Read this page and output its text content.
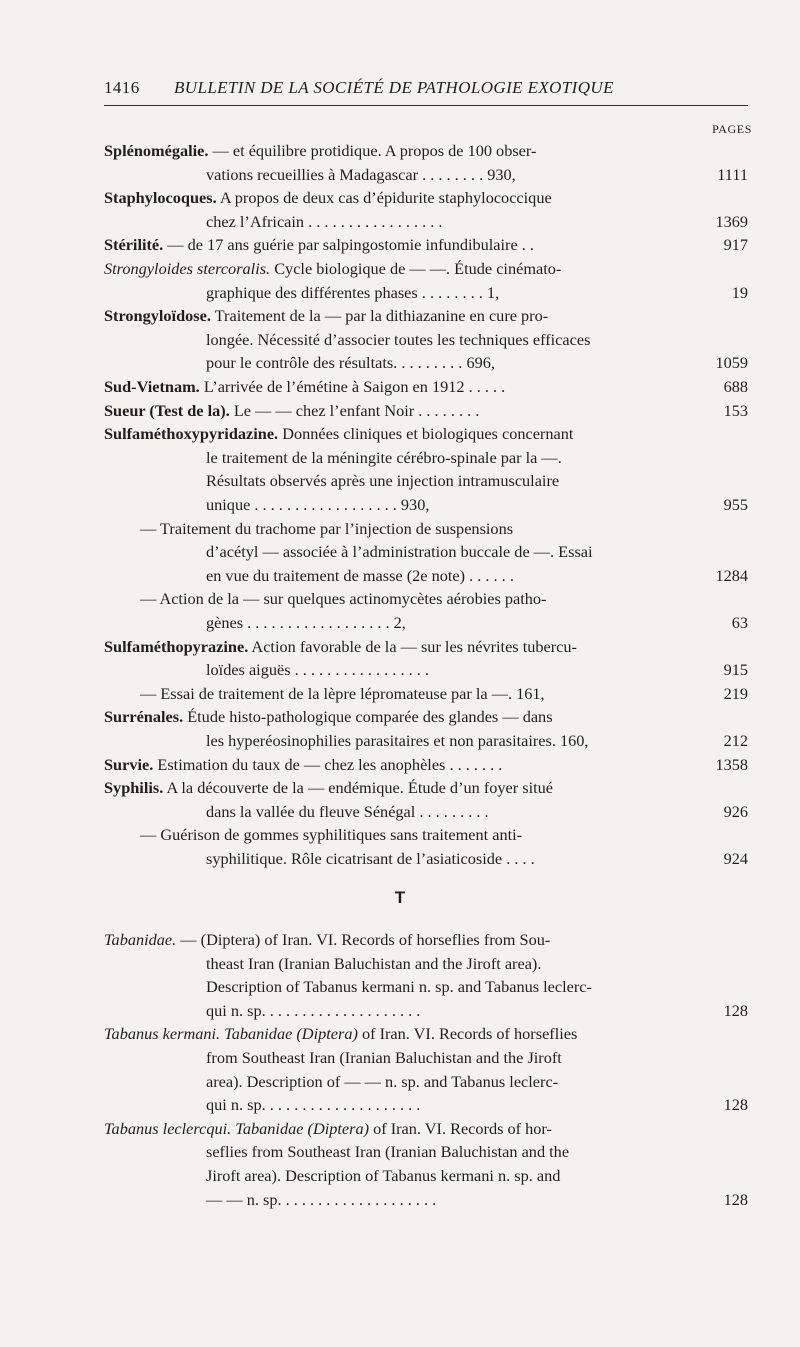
1416 BULLETIN DE LA SOCIÉTÉ DE PATHOLOGIE EXOTIQUE
PAGES
Splénomégalie. — et équilibre protidique. A propos de 100 obser-
vations recueillies à Madagascar . . . . . . . . 930,	1111
Staphylocoques. A propos de deux cas d’épidurite staphylococcique
chez l’Africain . . . . . . . . . . . . . . . . .	1369
Stérilité. — de 17 ans guérie par salpingostomie infundibulaire . .	917
Strongyloides stercoralis. Cycle biologique de — —. Étude cinémato-
graphique des différentes phases . . . . . . . . 1,	19
Strongyloïdose. Traitement de la — par la dithiazanine en cure pro-
longée. Nécessité d’associer toutes les techniques efficaces
pour le contrôle des résultats. . . . . . . . . 696,	1059
Sud-Vietnam. L’arrivée de l’émétine à Saigon en 1912 . . . . .	688
Sueur (Test de la). Le — — chez l’enfant Noir . . . . . . . .	153
Sulfaméthoxypyridazine. Données cliniques et biologiques concernant
le traitement de la méningite cérébro-spinale par la —.
Résultats observés après une injection intramusculaire
unique . . . . . . . . . . . . . . . . . . 930,	955
— Traitement du trachome par l’injection de suspensions
d’acétyl — associée à l’administration buccale de —. Essai
en vue du traitement de masse (2e note) . . . . . .	1284
— Action de la — sur quelques actinomycètes aérobies patho-
gènes . . . . . . . . . . . . . . . . . . 2,	63
Sulfaméthopyrazine. Action favorable de la — sur les névrites tubercu-
loïdes aiguës . . . . . . . . . . . . . . . . .	915
— Essai de traitement de la lèpre lépromateuse par la —. 161,	219
Surrénales. Étude histo-pathologique comparée des glandes — dans
les hyperéosinophilies parasitaires et non parasitaires. 160,	212
Survie. Estimation du taux de — chez les anophèles . . . . . . .	1358
Syphilis. A la découverte de la — endémique. Étude d’un foyer situé
dans la vallée du fleuve Sénégal . . . . . . . . .	926
— Guérison de gommes syphilitiques sans traitement anti-
syphilitique. Rôle cicatrisant de l’asiaticoside . . . .	924
T
Tabanidae. — (Diptera) of Iran. VI. Records of horseflies from Sou-
theast Iran (Iranian Baluchistan and the Jiroft area).
Description of Tabanus kermani n. sp. and Tabanus leclerc-
qui n. sp. . . . . . . . . . . . . . . . . . . .	128
Tabanus kermani. Tabanidae (Diptera) of Iran. VI. Records of horseflies
from Southeast Iran (Iranian Baluchistan and the Jiroft
area). Description of — — n. sp. and Tabanus leclerc-
qui n. sp. . . . . . . . . . . . . . . . . . . .	128
Tabanus leclercqui. Tabanidae (Diptera) of Iran. VI. Records of hor-
seflies from Southeast Iran (Iranian Baluchistan and the
Jiroft area). Description of Tabanus kermani n. sp. and
— — n. sp. . . . . . . . . . . . . . . . . . . .	128
